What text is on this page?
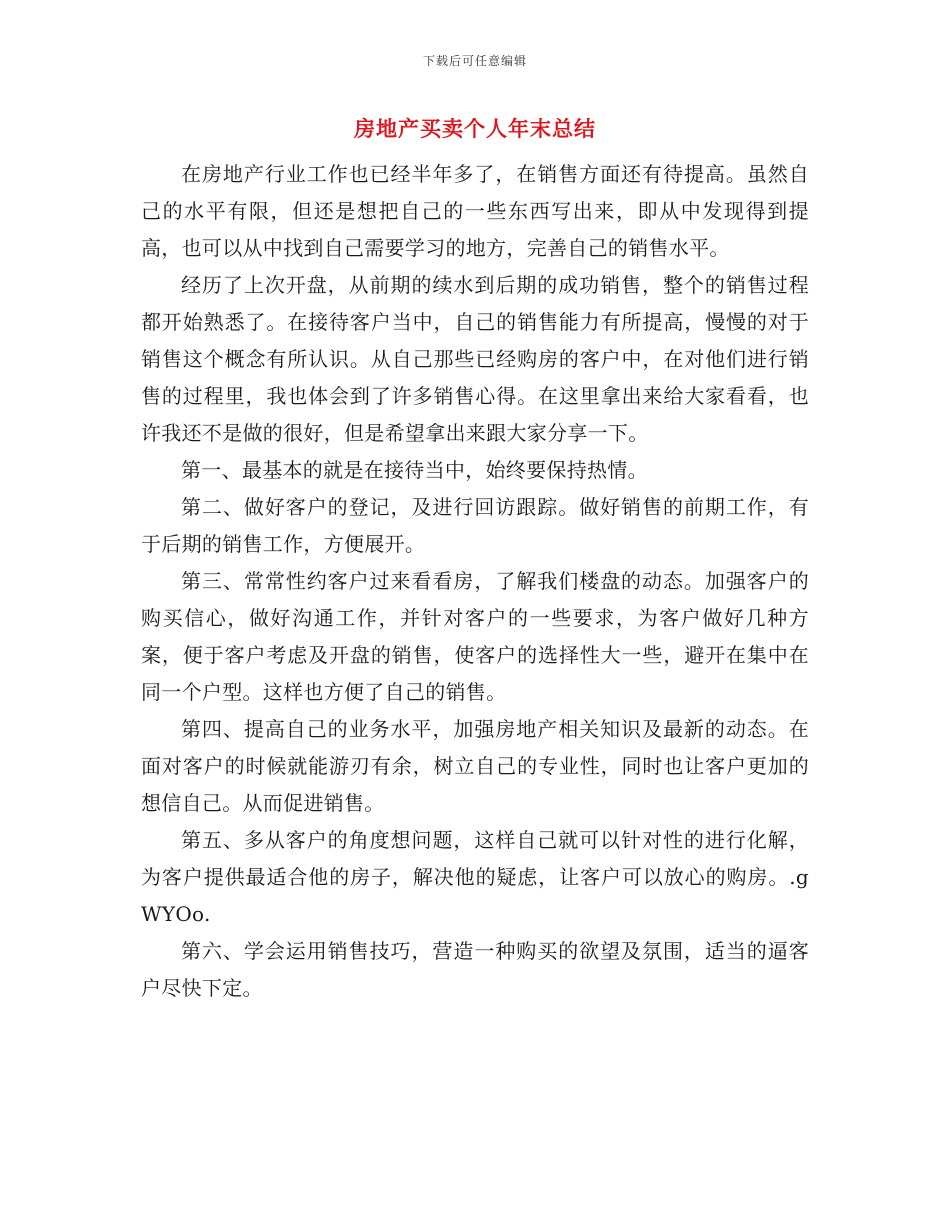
下载后可任意编辑
房地产买卖个人年末总结

在房地产行业工作也已经半年多了，在销售方面还有待提高。虽然自己的水平有限，但还是想把自己的一些东西写出来，即从中发现得到提高，也可以从中找到自己需要学习的地方，完善自己的销售水平。

经历了上次开盘，从前期的续水到后期的成功销售，整个的销售过程都开始熟悉了。在接待客户当中，自己的销售能力有所提高，慢慢的对于销售这个概念有所认识。从自己那些已经购房的客户中，在对他们进行销售的过程里，我也体会到了许多销售心得。在这里拿出来给大家看看，也许我还不是做的很好，但是希望拿出来跟大家分享一下。

第一、最基本的就是在接待当中，始终要保持热情。

第二、做好客户的登记，及进行回访跟踪。做好销售的前期工作，有于后期的销售工作，方便展开。

第三、常常性约客户过来看看房，了解我们楼盘的动态。加强客户的购买信心，做好沟通工作，并针对客户的一些要求，为客户做好几种方案，便于客户考虑及开盘的销售，使客户的选择性大一些，避开在集中在同一个户型。这样也方便了自己的销售。

第四、提高自己的业务水平，加强房地产相关知识及最新的动态。在面对客户的时候就能游刃有余，树立自己的专业性，同时也让客户更加的想信自己。从而促进销售。

第五、多从客户的角度想问题，这样自己就可以针对性的进行化解，为客户提供最适合他的房子，解决他的疑虑，让客户可以放心的购房。.gWYOo.

第六、学会运用销售技巧，营造一种购买的欲望及氛围，适当的逼客户尽快下定。
